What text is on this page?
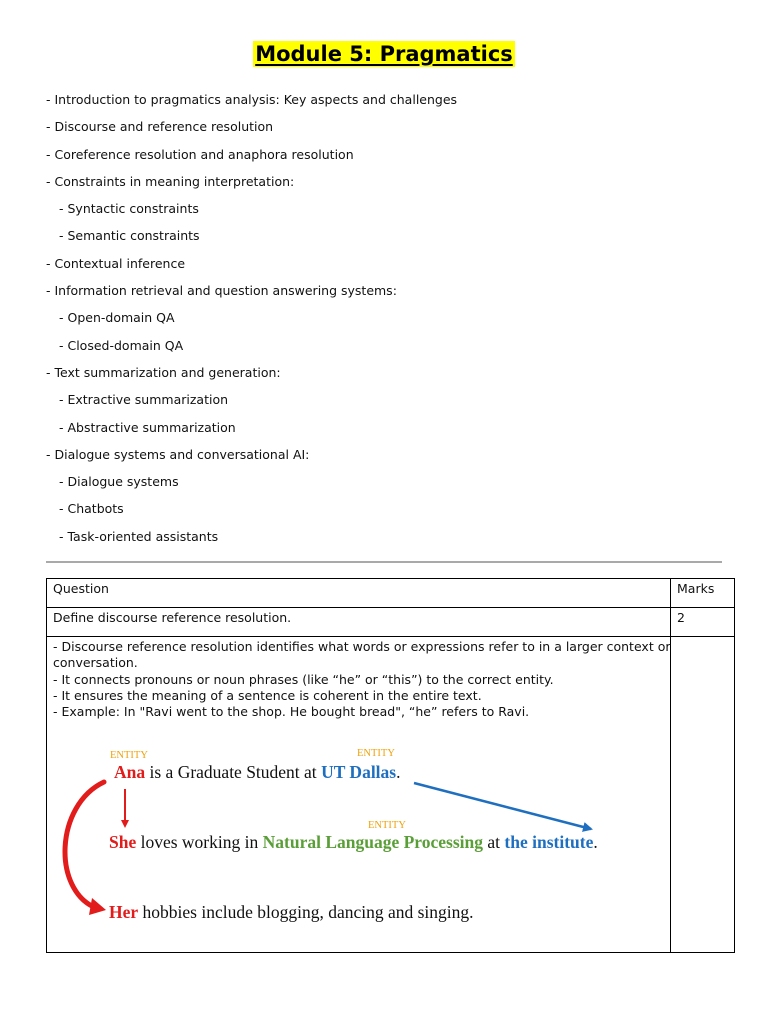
Module 5: Pragmatics
- Introduction to pragmatics analysis: Key aspects and challenges
- Discourse and reference resolution
- Coreference resolution and anaphora resolution
- Constraints in meaning interpretation:
- Syntactic constraints
- Semantic constraints
- Contextual inference
- Information retrieval and question answering systems:
- Open-domain QA
- Closed-domain QA
- Text summarization and generation:
- Extractive summarization
- Abstractive summarization
- Dialogue systems and conversational AI:
- Dialogue systems
- Chatbots
- Task-oriented assistants
Question	Marks
Define discourse reference resolution.	2

- Discourse reference resolution identifies what words or expressions refer to in a larger context or
conversation.
- It connects pronouns or noun phrases (like “he” or “this”) to the correct entity.
- It ensures the meaning of a sentence is coherent in the entire text.
- Example: In "Ravi went to the shop. He bought bread", “he” refers to Ravi.	

ENTITY	ENTITY
ENTITY
Ana is a Graduate Student at UT Dallas.
She loves working in Natural Language Processing at the institute.
Her hobbies include blogging, dancing and singing.
